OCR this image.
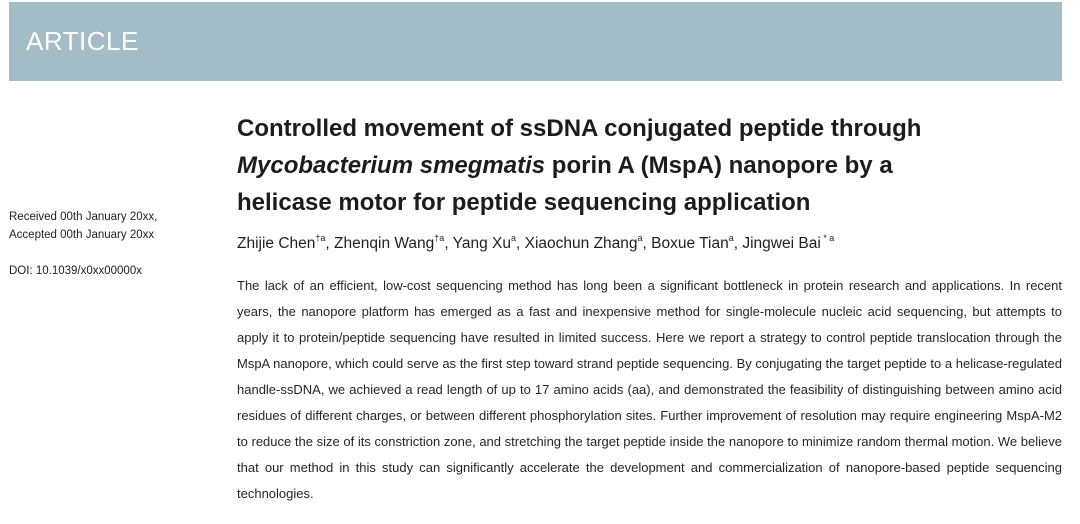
ARTICLE
Received 00th January 20xx,
Accepted 00th January 20xx
DOI: 10.1039/x0xx00000x
Controlled movement of ssDNA conjugated peptide through
Mycobacterium smegmatis porin A (MspA) nanopore by a
helicase motor for peptide sequencing application
Zhijie Chen$^{\dagger a}$, Zhenqin Wang$^{\dagger a}$, Yang Xu$^a$, Xiaochun Zhang$^a$, Boxue Tian$^a$, Jingwei Bai $^{* a}$
The lack of an efficient, low-cost sequencing method has long been a significant bottleneck in protein research and applications. In recent years, the nanopore platform has emerged as a fast and inexpensive method for single-molecule nucleic acid sequencing, but attempts to apply it to protein/peptide sequencing have resulted in limited success. Here we report a strategy to control peptide translocation through the MspA nanopore, which could serve as the first step toward strand peptide sequencing. By conjugating the target peptide to a helicase-regulated handle-ssDNA, we achieved a read length of up to 17 amino acids (aa), and demonstrated the feasibility of distinguishing between amino acid residues of different charges, or between different phosphorylation sites. Further improvement of resolution may require engineering MspA-M2 to reduce the size of its constriction zone, and stretching the target peptide inside the nanopore to minimize random thermal motion. We believe that our method in this study can significantly accelerate the development and commercialization of nanopore-based peptide sequencing technologies.
